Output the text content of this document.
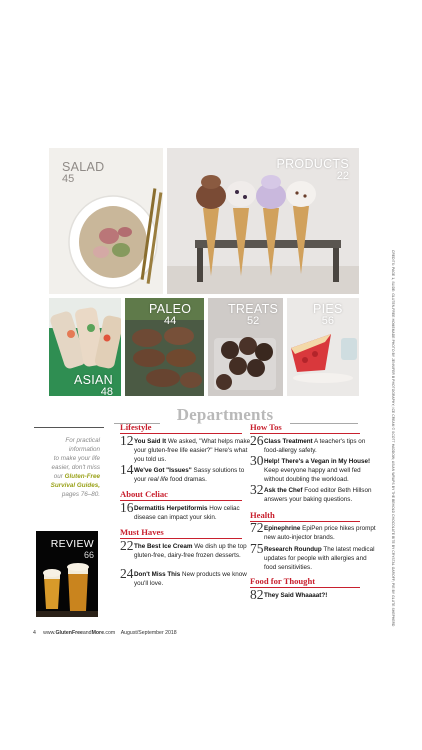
SALAD
45
PRODUCTS
22
CREDITS: PAGE 1, SLIDE: GLUTEN-FREE HOMEMADE PHOTO BY JENNIFER B PHOTOGRAPHY; ICE CREAM © SCOTT HADDOW; ASIAN WRAPS BY THE BEHOLD CHOCOLATE BITE BY CRYSTAL GAROFF; PIE BY GLUTE SHEPHERD
ASIAN
48
PALEO
44
TREATS
52
PIES
56
Departments
For practical
information
to make your life
easier, don't miss
our Gluten-Free
Survival Guides,
pages 76–80.
REVIEW
66
Lifestyle
12 You Said It We asked, "What helps make your gluten-free life easier?" Here's what you told us.
14 We've Got "Issues" Sassy solutions to your real life food dramas.
About Celiac
16 Dermatitis Herpetiformis How celiac disease can impact your skin.
Must Haves
22 The Best Ice Cream We dish up the top gluten-free, dairy-free frozen desserts.
24 Don't Miss This New products we know you'll love.
How Tos
26 Class Treatment A teacher's tips on food-allergy safety.
30 Help! There's a Vegan in My House! Keep everyone happy and well fed without doubling the workload.
32 Ask the Chef Food editor Beth Hillson answers your baking questions.
Health
72 Epinephrine EpiPen price hikes prompt new auto-injector brands.
75 Research Roundup The latest medical updates for people with allergies and food sensitivities.
Food for Thought
82 They Said Whaaaat?!
4 www.GlutenFreeandMore.com August/September 2018
